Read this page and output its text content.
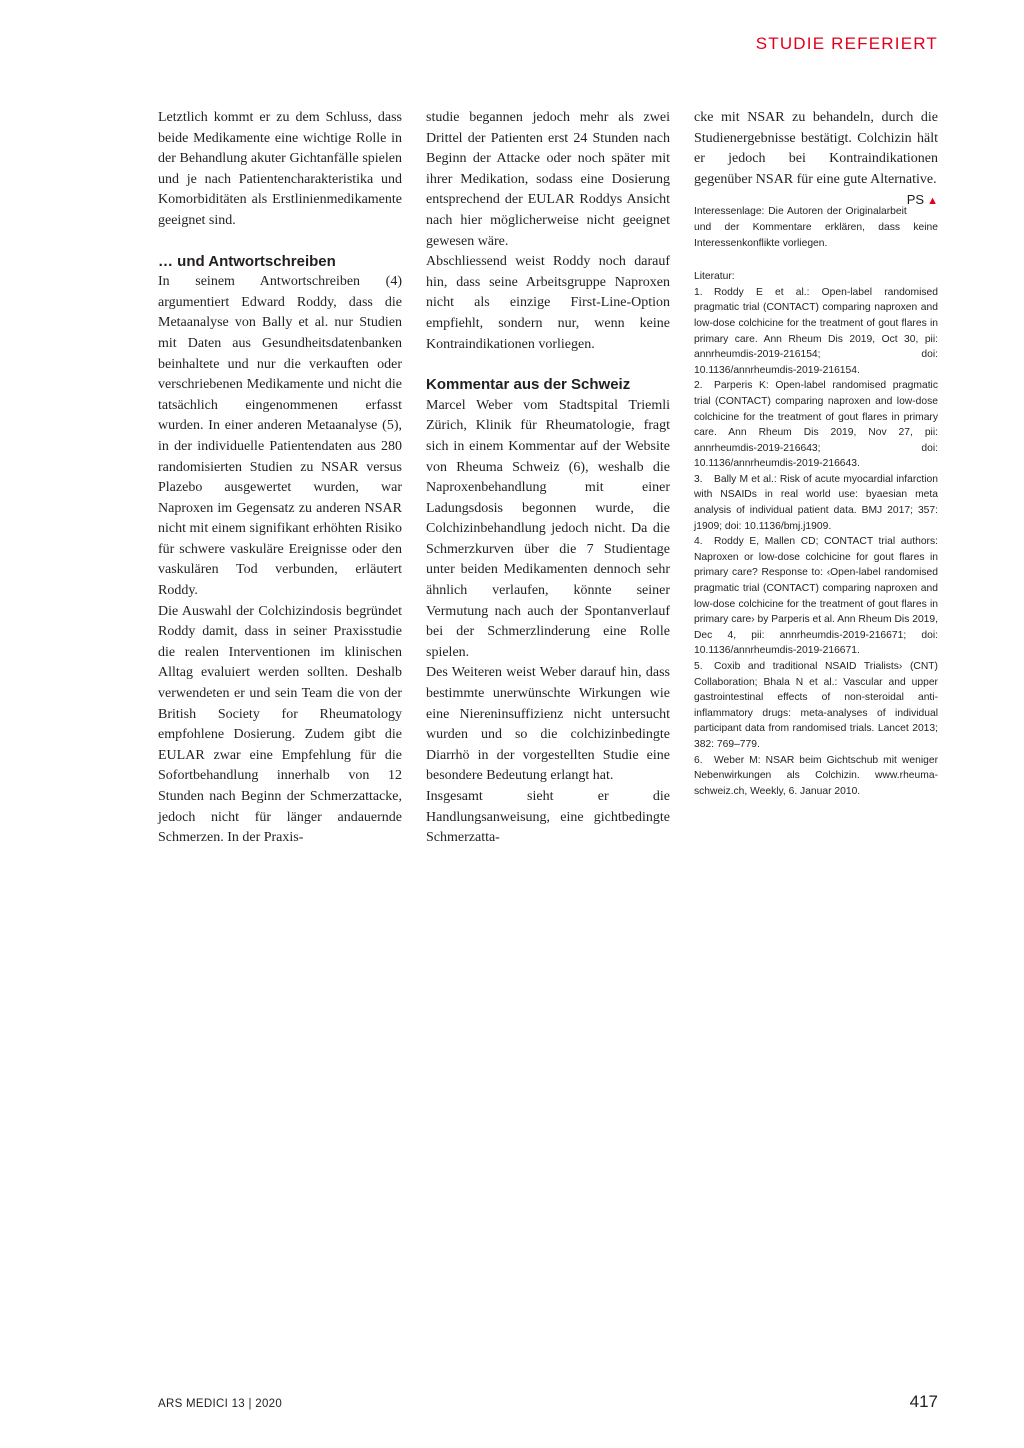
STUDIE REFERIERT

Letztlich kommt er zu dem Schluss, dass beide Medikamente eine wichtige Rolle in der Behandlung akuter Gichtanfälle spielen und je nach Patientencharakteristika und Komorbiditäten als Erstlinienmedikamente geeignet sind.

… und Antwortschreiben

In seinem Antwortschreiben (4) argumentiert Edward Roddy, dass die Metaanalyse von Bally et al. nur Studien mit Daten aus Gesundheitsdatenbanken beinhaltete und nur die verkauften oder verschriebenen Medikamente und nicht die tatsächlich eingenommenen erfasst wurden. In einer anderen Metaanalyse (5), in der individuelle Patientendaten aus 280 randomisierten Studien zu NSAR versus Plazebo ausgewertet wurden, war Naproxen im Gegensatz zu anderen NSAR nicht mit einem signifikant erhöhten Risiko für schwere vaskuläre Ereignisse oder den vaskulären Tod verbunden, erläutert Roddy.

Die Auswahl der Colchizindosis begründet Roddy damit, dass in seiner Praxisstudie die realen Interventionen im klinischen Alltag evaluiert werden sollten. Deshalb verwendeten er und sein Team die von der British Society for Rheumatology empfohlene Dosierung. Zudem gibt die EULAR zwar eine Empfehlung für die Sofortbehandlung innerhalb von 12 Stunden nach Beginn der Schmerzattacke, jedoch nicht für länger andauernde Schmerzen. In der Praxis-

studie begannen jedoch mehr als zwei Drittel der Patienten erst 24 Stunden nach Beginn der Attacke oder noch später mit ihrer Medikation, sodass eine Dosierung entsprechend der EULAR Roddys Ansicht nach hier möglicherweise nicht geeignet gewesen wäre.

Abschliessend weist Roddy noch darauf hin, dass seine Arbeitsgruppe Naproxen nicht als einzige First-Line-Option empfiehlt, sondern nur, wenn keine Kontraindikationen vorliegen.

Kommentar aus der Schweiz

Marcel Weber vom Stadtspital Triemli Zürich, Klinik für Rheumatologie, fragt sich in einem Kommentar auf der Website von Rheuma Schweiz (6), weshalb die Naproxenbehandlung mit einer Ladungsdosis begonnen wurde, die Colchizinbehandlung jedoch nicht. Da die Schmerzkurven über die 7 Studientage unter beiden Medikamenten dennoch sehr ähnlich verlaufen, könnte seiner Vermutung nach auch der Spontanverlauf bei der Schmerzlinderung eine Rolle spielen.

Des Weiteren weist Weber darauf hin, dass bestimmte unerwünschte Wirkungen wie eine Niereninsuffizienz nicht untersucht wurden und so die colchizinbedingte Diarrhö in der vorgestellten Studie eine besondere Bedeutung erlangt hat.

Insgesamt sieht er die Handlungsanweisung, eine gichtbedingte Schmerzatta-

cke mit NSAR zu behandeln, durch die Studienergebnisse bestätigt. Colchizin hält er jedoch bei Kontraindikationen gegenüber NSAR für eine gute Alternative.
PS ▲

Interessenlage: Die Autoren der Originalarbeit und der Kommentare erklären, dass keine Interessenkonflikte vorliegen.
Literatur:
1. Roddy E et al.: Open-label randomised pragmatic trial (CONTACT) comparing naproxen and low-dose colchicine for the treatment of gout flares in primary care. Ann Rheum Dis 2019, Oct 30, pii: annrheumdis-2019-216154; doi: 10.1136/annrheumdis-2019-216154.
2. Parperis K: Open-label randomised pragmatic trial (CONTACT) comparing naproxen and low-dose colchicine for the treatment of gout flares in primary care. Ann Rheum Dis 2019, Nov 27, pii: annrheumdis-2019-216643; doi: 10.1136/annrheumdis-2019-216643.
3. Bally M et al.: Risk of acute myocardial infarction with NSAIDs in real world use: byaesian meta analysis of individual patient data. BMJ 2017; 357: j1909; doi: 10.1136/bmj.j1909.
4. Roddy E, Mallen CD; CONTACT trial authors: Naproxen or low-dose colchicine for gout flares in primary care? Response to: ‹Open-label randomised pragmatic trial (CONTACT) comparing naproxen and low-dose colchicine for the treatment of gout flares in primary care› by Parperis et al. Ann Rheum Dis 2019, Dec 4, pii: annrheumdis-2019-216671; doi: 10.1136/annrheumdis-2019-216671.
5. Coxib and traditional NSAID Trialists› (CNT) Collaboration; Bhala N et al.: Vascular and upper gastrointestinal effects of non-steroidal anti-inflammatory drugs: meta-analyses of individual participant data from randomised trials. Lancet 2013; 382: 769–779.
6. Weber M: NSAR beim Gichtschub mit weniger Nebenwirkungen als Colchizin. www.rheuma-schweiz.ch, Weekly, 6. Januar 2010.
ARS MEDICI 13 | 2020	417
